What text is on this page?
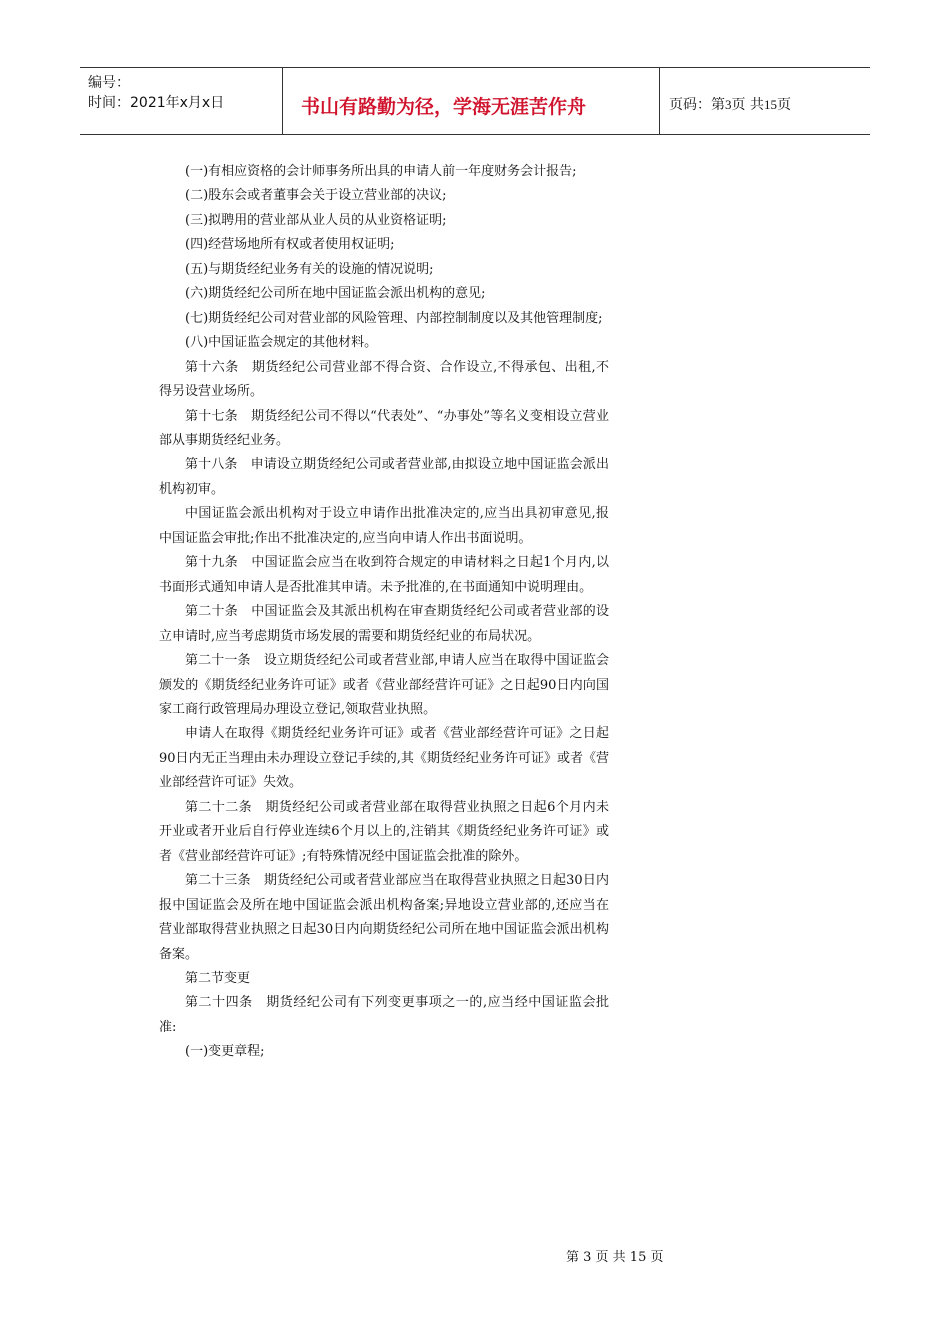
编号：
时间：2021年x月x日	书山有路勤为径，学海无涯苦作舟	页码：第3页 共15页

(一)有相应资格的会计师事务所出具的申请人前一年度财务会计报告;

(二)股东会或者董事会关于设立营业部的决议;

(三)拟聘用的营业部从业人员的从业资格证明;

(四)经营场地所有权或者使用权证明;

(五)与期货经纪业务有关的设施的情况说明;

(六)期货经纪公司所在地中国证监会派出机构的意见;

(七)期货经纪公司对营业部的风险管理、内部控制制度以及其他管理制度;

(八)中国证监会规定的其他材料。

第十六条　期货经纪公司营业部不得合资、合作设立,不得承包、出租,不得另设营业场所。

第十七条　期货经纪公司不得以“代表处”、“办事处”等名义变相设立营业部从事期货经纪业务。

第十八条　申请设立期货经纪公司或者营业部,由拟设立地中国证监会派出机构初审。

中国证监会派出机构对于设立申请作出批准决定的,应当出具初审意见,报中国证监会审批;作出不批准决定的,应当向申请人作出书面说明。

第十九条　中国证监会应当在收到符合规定的申请材料之日起1个月内,以书面形式通知申请人是否批准其申请。未予批准的,在书面通知中说明理由。

第二十条　中国证监会及其派出机构在审查期货经纪公司或者营业部的设立申请时,应当考虑期货市场发展的需要和期货经纪业的布局状况。

第二十一条　设立期货经纪公司或者营业部,申请人应当在取得中国证监会颁发的《期货经纪业务许可证》或者《营业部经营许可证》之日起90日内向国家工商行政管理局办理设立登记,领取营业执照。

申请人在取得《期货经纪业务许可证》或者《营业部经营许可证》之日起90日内无正当理由未办理设立登记手续的,其《期货经纪业务许可证》或者《营业部经营许可证》失效。

第二十二条　期货经纪公司或者营业部在取得营业执照之日起6个月内未开业或者开业后自行停业连续6个月以上的,注销其《期货经纪业务许可证》或者《营业部经营许可证》;有特殊情况经中国证监会批准的除外。

第二十三条　期货经纪公司或者营业部应当在取得营业执照之日起30日内报中国证监会及所在地中国证监会派出机构备案;异地设立营业部的,还应当在营业部取得营业执照之日起30日内向期货经纪公司所在地中国证监会派出机构备案。

第二节变更

第二十四条　期货经纪公司有下列变更事项之一的,应当经中国证监会批准:

(一)变更章程;

第 3 页 共 15 页
